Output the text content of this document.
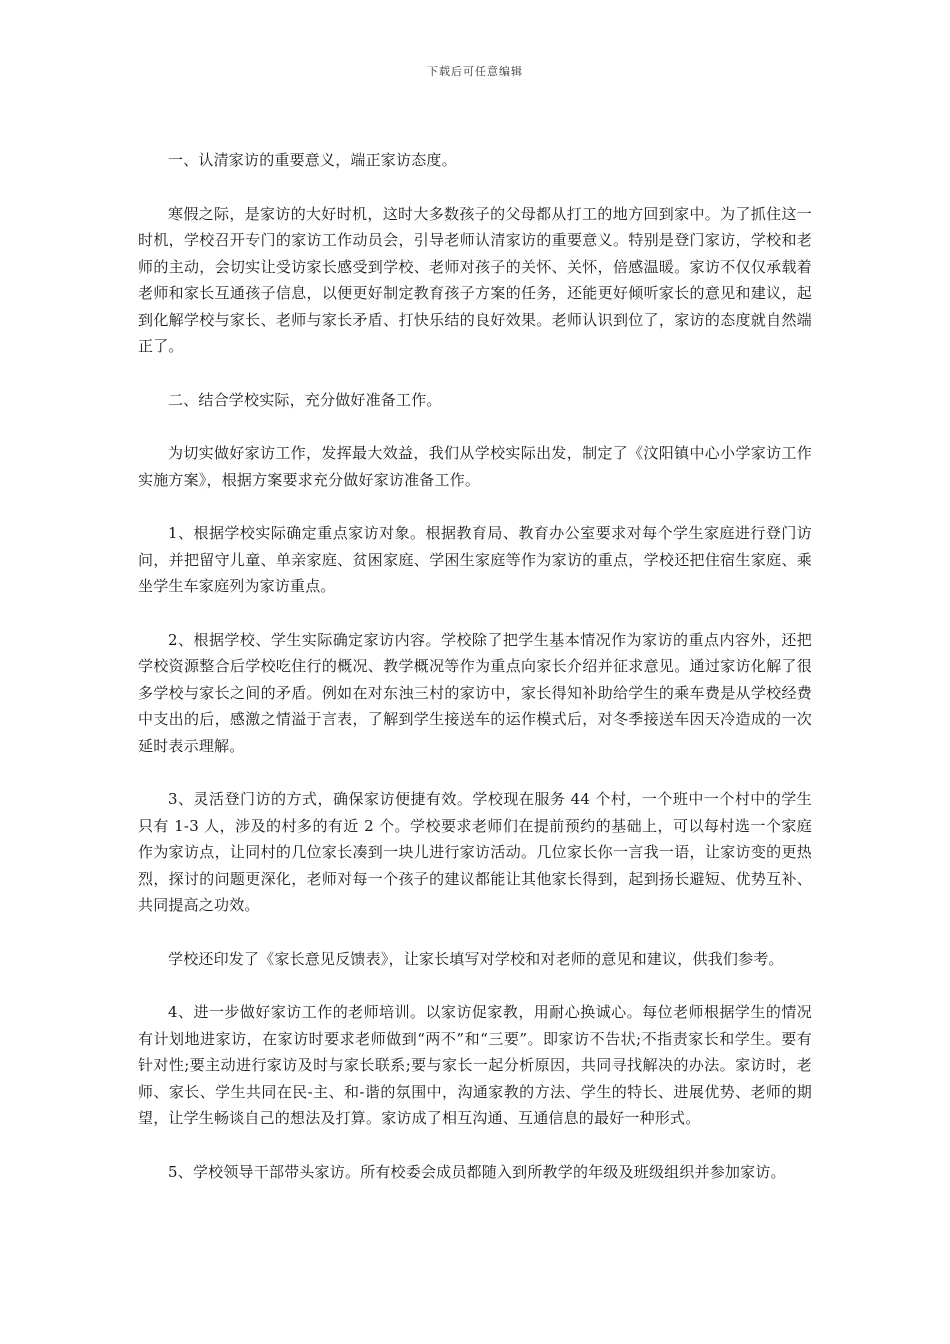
下载后可任意编辑

一、认清家访的重要意义，端正家访态度。

寒假之际，是家访的大好时机，这时大多数孩子的父母都从打工的地方回到家中。为了抓住这一时机，学校召开专门的家访工作动员会，引导老师认清家访的重要意义。特别是登门家访，学校和老师的主动，会切实让受访家长感受到学校、老师对孩子的关怀、关怀，倍感温暖。家访不仅仅承载着老师和家长互通孩子信息，以便更好制定教育孩子方案的任务，还能更好倾听家长的意见和建议，起到化解学校与家长、老师与家长矛盾、打快乐结的良好效果。老师认识到位了，家访的态度就自然端正了。

二、结合学校实际，充分做好准备工作。

为切实做好家访工作，发挥最大效益，我们从学校实际出发，制定了《汶阳镇中心小学家访工作实施方案》，根据方案要求充分做好家访准备工作。

1、根据学校实际确定重点家访对象。根据教育局、教育办公室要求对每个学生家庭进行登门访问，并把留守儿童、单亲家庭、贫困家庭、学困生家庭等作为家访的重点，学校还把住宿生家庭、乘坐学生车家庭列为家访重点。

2、根据学校、学生实际确定家访内容。学校除了把学生基本情况作为家访的重点内容外，还把学校资源整合后学校吃住行的概况、教学概况等作为重点向家长介绍并征求意见。通过家访化解了很多学校与家长之间的矛盾。例如在对东浊三村的家访中，家长得知补助给学生的乘车费是从学校经费中支出的后，感激之情溢于言表，了解到学生接送车的运作模式后，对冬季接送车因天冷造成的一次延时表示理解。

3、灵活登门访的方式，确保家访便捷有效。学校现在服务 44 个村，一个班中一个村中的学生只有 1-3 人，涉及的村多的有近 2 个。学校要求老师们在提前预约的基础上，可以每村选一个家庭作为家访点，让同村的几位家长凑到一块儿进行家访活动。几位家长你一言我一语，让家访变的更热烈，探讨的问题更深化，老师对每一个孩子的建议都能让其他家长得到，起到扬长避短、优势互补、共同提高之功效。

学校还印发了《家长意见反馈表》，让家长填写对学校和对老师的意见和建议，供我们参考。

4、进一步做好家访工作的老师培训。以家访促家教，用耐心换诚心。每位老师根据学生的情况有计划地进家访，在家访时要求老师做到“两不”和“三要”。即家访不告状;不指责家长和学生。要有针对性;要主动进行家访及时与家长联系;要与家长一起分析原因，共同寻找解决的办法。家访时，老师、家长、学生共同在民-主、和-谐的氛围中，沟通家教的方法、学生的特长、进展优势、老师的期望，让学生畅谈自己的想法及打算。家访成了相互沟通、互通信息的最好一种形式。

5、学校领导干部带头家访。所有校委会成员都随入到所教学的年级及班级组织并参加家访。
